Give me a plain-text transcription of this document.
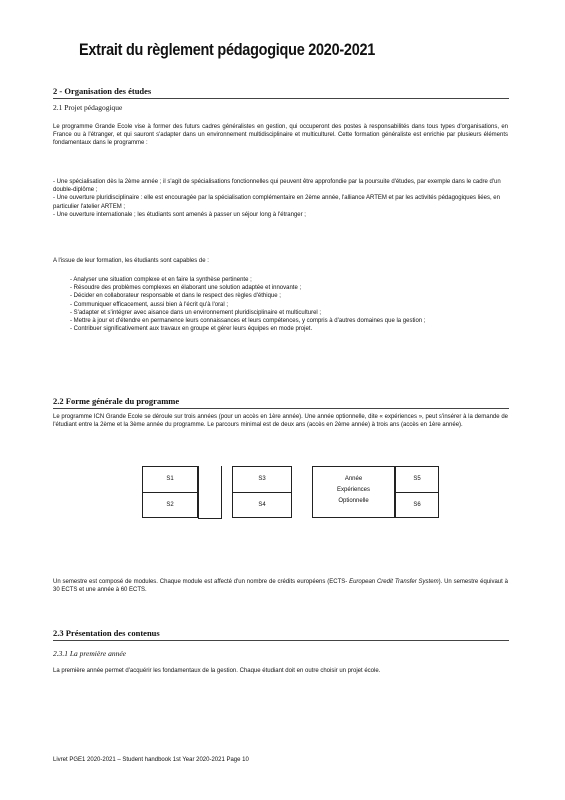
Extrait du règlement pédagogique 2020-2021
2 - Organisation des études
2.1 Projet pédagogique
Le programme Grande Ecole vise à former des futurs cadres généralistes en gestion, qui occuperont des postes à responsabilités dans tous types d'organisations, en France ou à l'étranger, et qui sauront s'adapter dans un environnement multidisciplinaire et multiculturel. Cette formation généraliste est enrichie par plusieurs éléments fondamentaux dans le programme :
- Une spécialisation dès la 2ème année ; il s'agit de spécialisations fonctionnelles qui peuvent être approfondie par la poursuite d'études, par exemple dans le cadre d'un double-diplôme ;
- Une ouverture pluridisciplinaire : elle est encouragée par la spécialisation complémentaire en 2ème année, l'alliance ARTEM et par les activités pédagogiques liées, en particulier l'atelier ARTEM ;
- Une ouverture internationale ; les étudiants sont amenés à passer un séjour long à l'étranger ;
A l'issue de leur formation, les étudiants sont capables de :
- Analyser une situation complexe et en faire la synthèse pertinente ;
- Résoudre des problèmes complexes en élaborant une solution adaptée et innovante ;
- Décider en collaborateur responsable et dans le respect des règles d'éthique ;
- Communiquer efficacement, aussi bien à l'écrit qu'à l'oral ;
- S'adapter et s'intégrer avec aisance dans un environnement pluridisciplinaire et multiculturel ;
- Mettre à jour et d'étendre en permanence leurs connaissances et leurs compétences, y compris à d'autres domaines que la gestion ;
- Contribuer significativement aux travaux en groupe et gérer leurs équipes en mode projet.
2.2 Forme générale du programme
Le programme ICN Grande Ecole se déroule sur trois années (pour un accès en 1ère année). Une année optionnelle, dite « expériences », peut s'insérer à la demande de l'étudiant entre la 2ème et la 3ème année du programme. Le parcours minimal est de deux ans (accès en 2ème année) à trois ans (accès en 1ère année).
S1
S2
S3
S4
Année
Expériences
Optionnelle
S5
S6
Un semestre est composé de modules. Chaque module est affecté d'un nombre de crédits européens (ECTS- European Credit Transfer System). Un semestre équivaut à 30 ECTS et une année à 60 ECTS.
2.3 Présentation des contenus
2.3.1 La première année
La première année permet d'acquérir les fondamentaux de la gestion. Chaque étudiant doit en outre choisir un projet école.
Livret PGE1 2020-2021 – Student handbook 1st Year 2020-2021 Page 10
